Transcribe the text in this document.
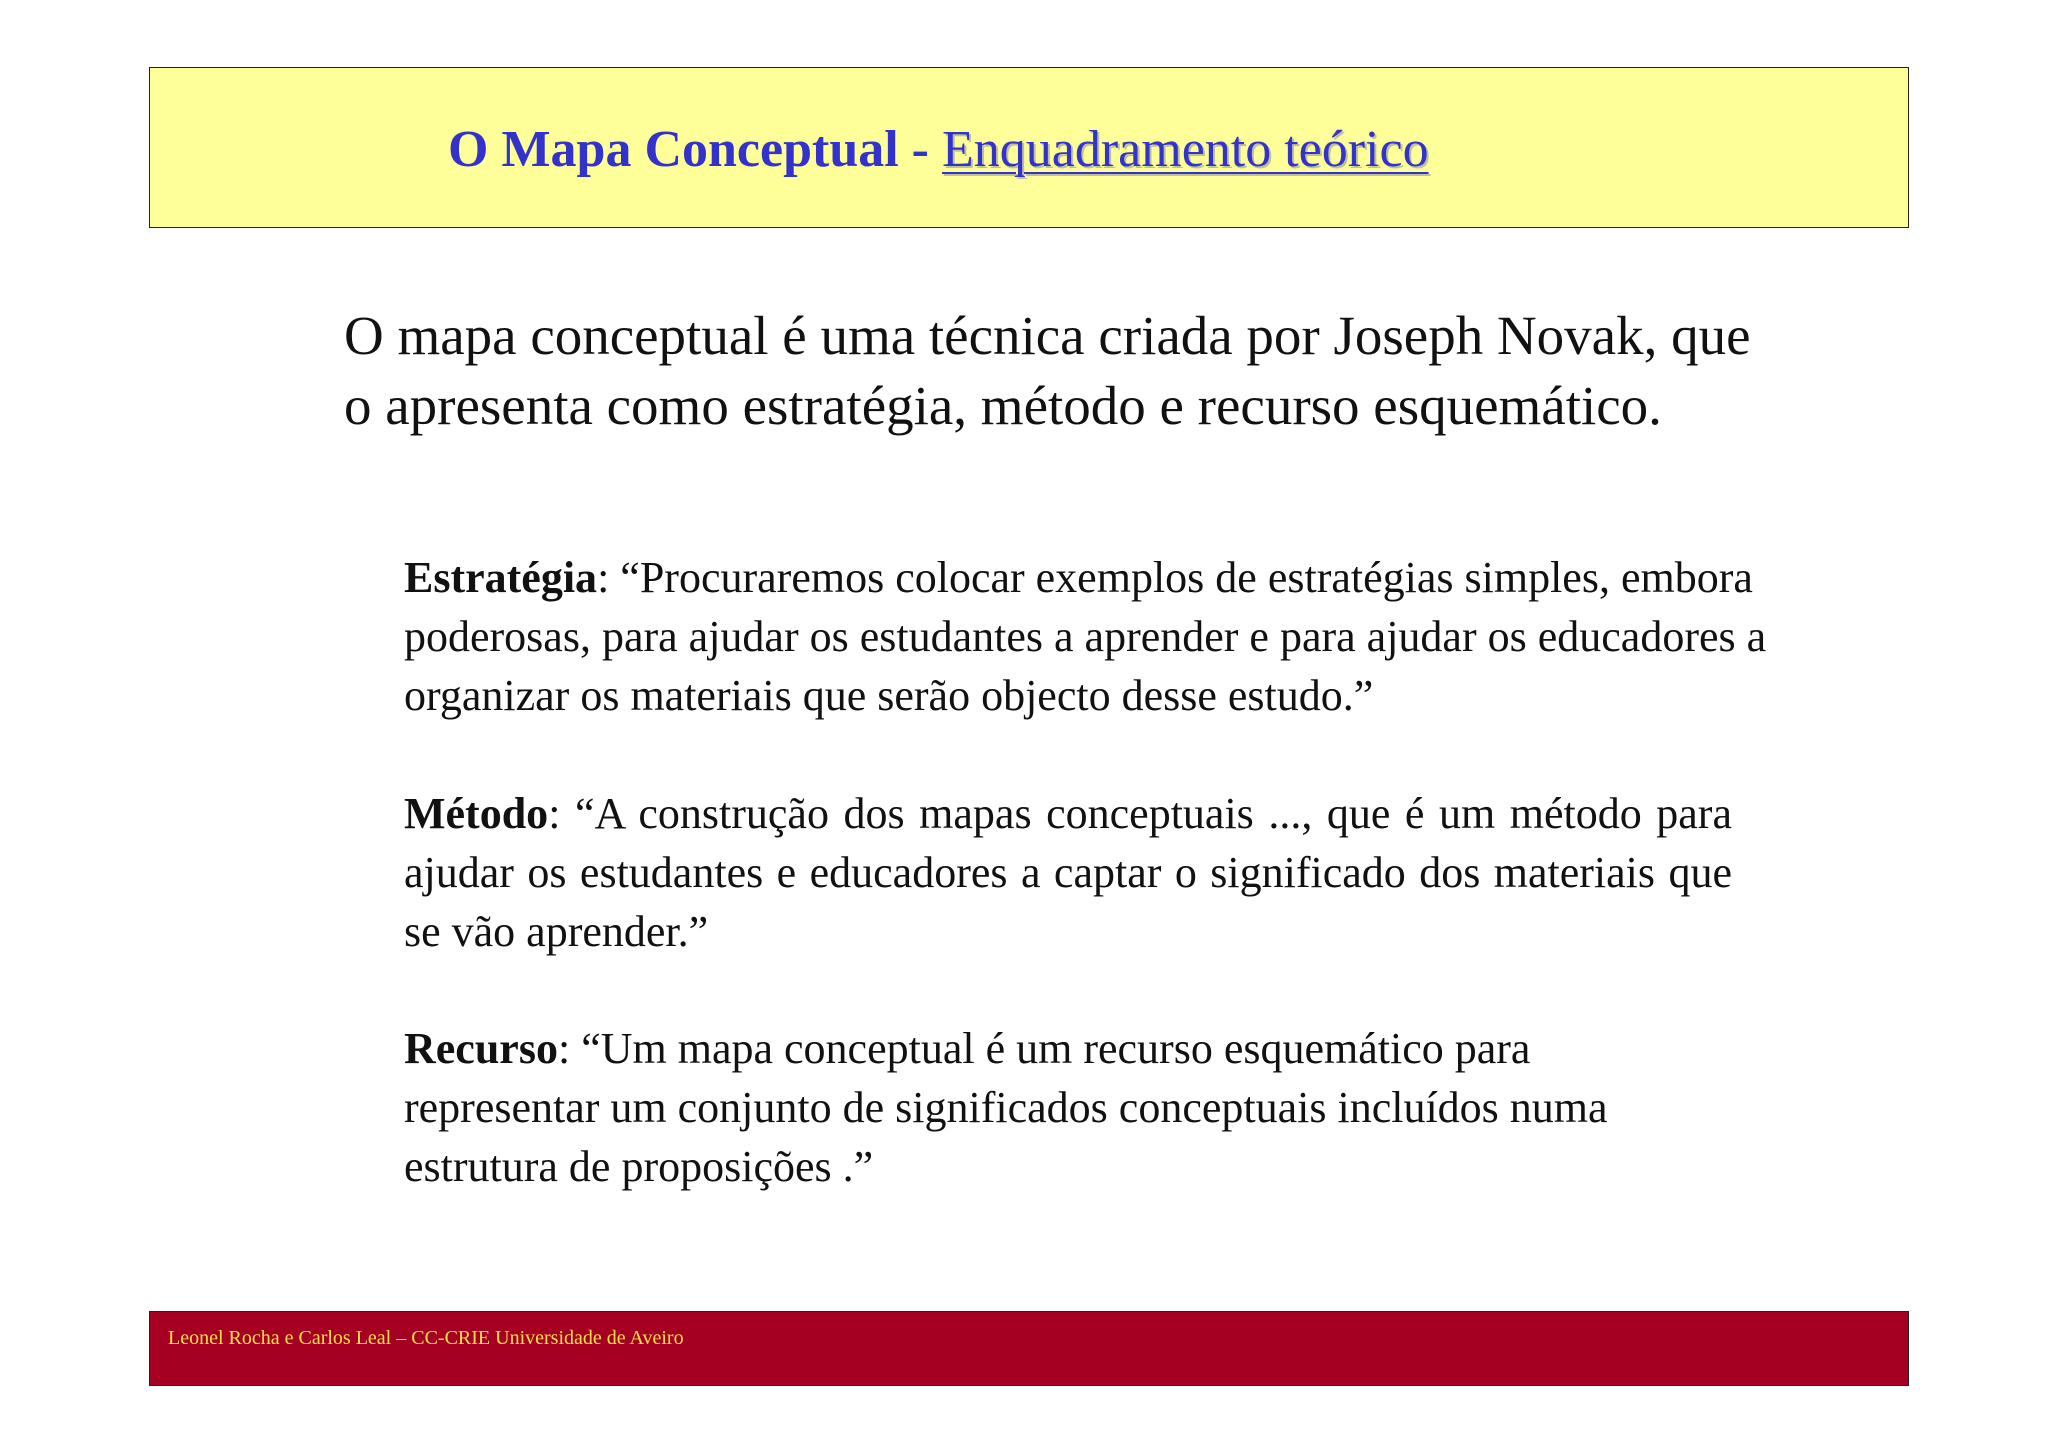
O Mapa Conceptual - Enquadramento teórico

O mapa conceptual é uma técnica criada por Joseph Novak, que o apresenta como estratégia, método e recurso esquemático.

Estratégia: “Procuraremos colocar exemplos de estratégias simples, embora poderosas, para ajudar os estudantes a aprender e para ajudar os educadores a organizar os materiais que serão objecto desse estudo.”

Método: “A construção dos mapas conceptuais ..., que é um método para ajudar os estudantes e educadores a captar o significado dos materiais que se vão aprender.”

Recurso: “Um mapa conceptual é um recurso esquemático para representar um conjunto de significados conceptuais incluídos numa estrutura de proposições .”

Leonel Rocha e Carlos Leal – CC-CRIE Universidade de Aveiro
